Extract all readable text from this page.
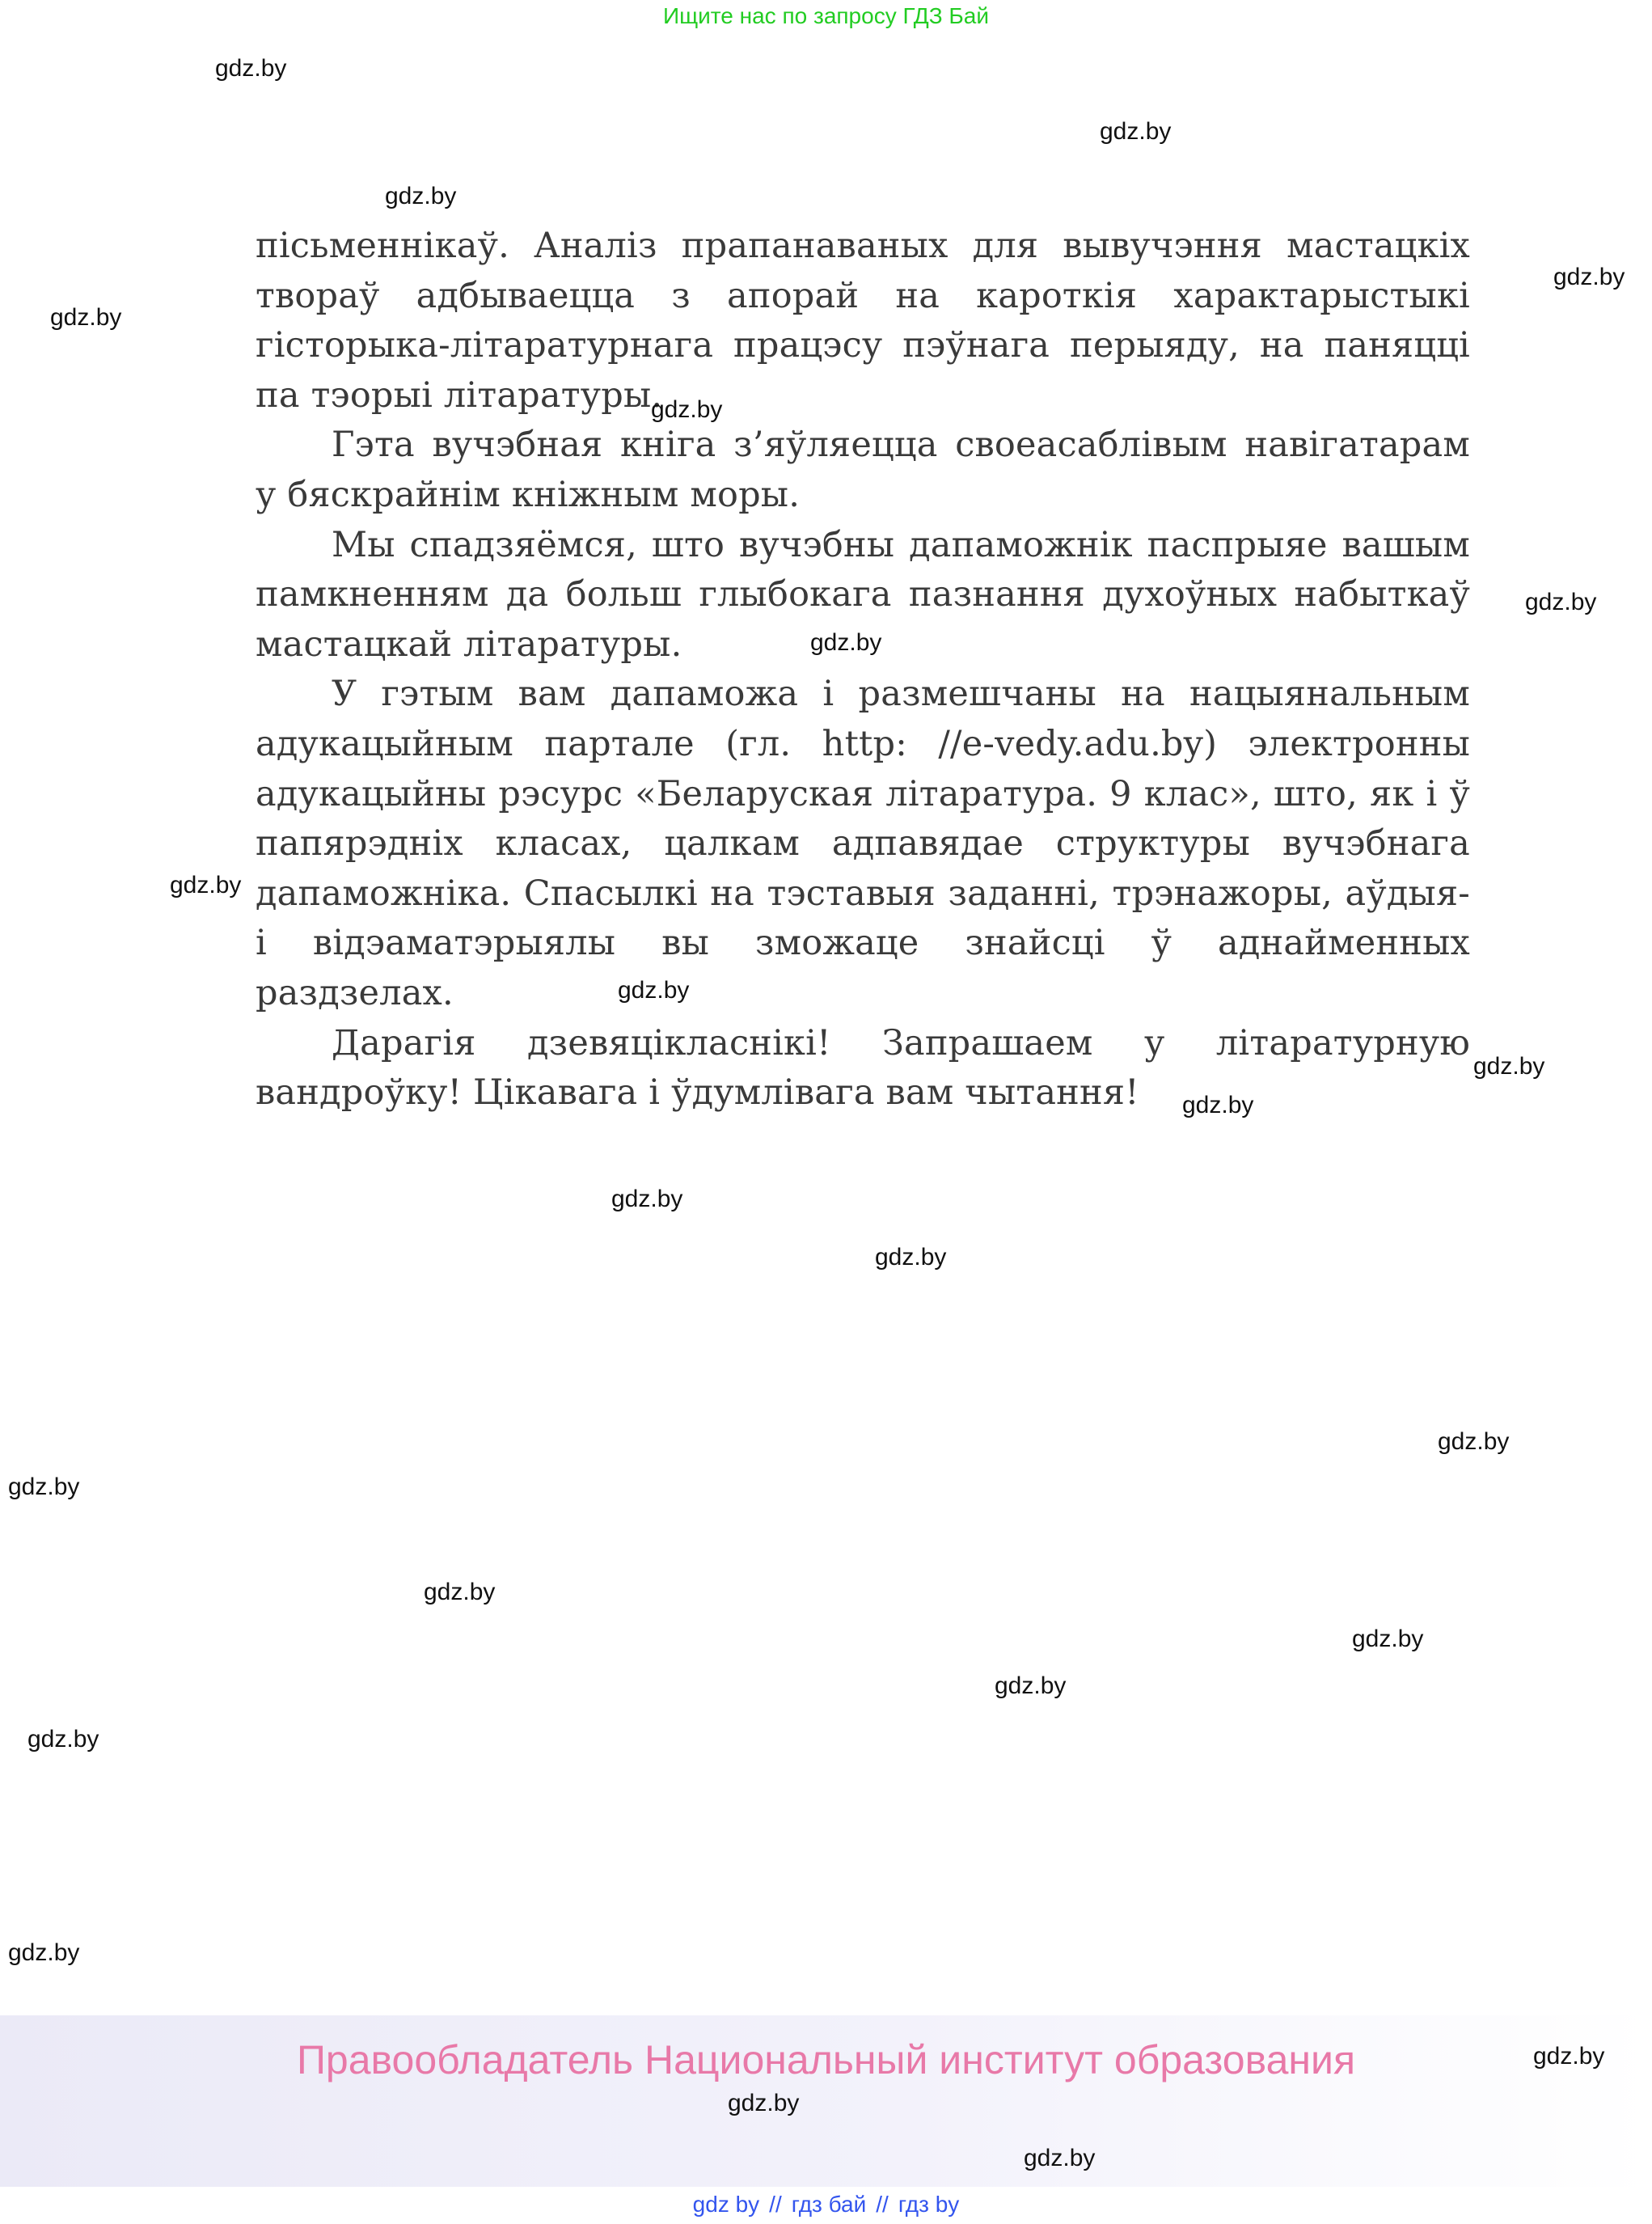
Ищите нас по запросу ГДЗ Бай

пісьменнікаў. Аналіз прапанаваных для вывучэння мастацкіх твораў адбываецца з апорай на кароткія характарыстыкі гісторыка-літаратурнага працэсу пэўнага перыяду, на паняцці па тэорыі літаратуры.

Гэта вучэбная кніга з’яўляецца своеасаблівым навігатарам у бяскрайнім кніжным моры.

Мы спадзяёмся, што вучэбны дапаможнік паспрыяе вашым памкненням да больш глыбокага пазнання духоўных набыткаў мастацкай літаратуры.

У гэтым вам дапаможа і размешчаны на нацыянальным адукацыйным партале (гл. http: //e-vedy.adu.by) электронны адукацыйны рэсурс «Беларуская літаратура. 9 клас», што, як і ў папярэдніх класах, цалкам адпавядае структуры вучэбнага дапаможніка. Спасылкі на тэставыя заданні, трэнажоры, аўдыя- і відэаматэрыялы вы зможаце знайсці ў аднайменных раздзелах.

Дарагія дзевяцікласнікі! Запрашаем у літаратурную вандроўку! Цікавага і ўдумлівага вам чытання!

gdz.by
gdz.by
gdz.by
gdz.by
gdz.by
gdz.by
gdz.by
gdz.by
gdz.by
gdz.by
gdz.by
gdz.by
gdz.by
gdz.by
gdz.by
gdz.by
gdz.by
gdz.by
gdz.by
gdz.by
gdz.by
Правообладатель Национальный институт образования	gdz.by
gdz.by
gdz.by
gdz by // гдз бай // гдз by
